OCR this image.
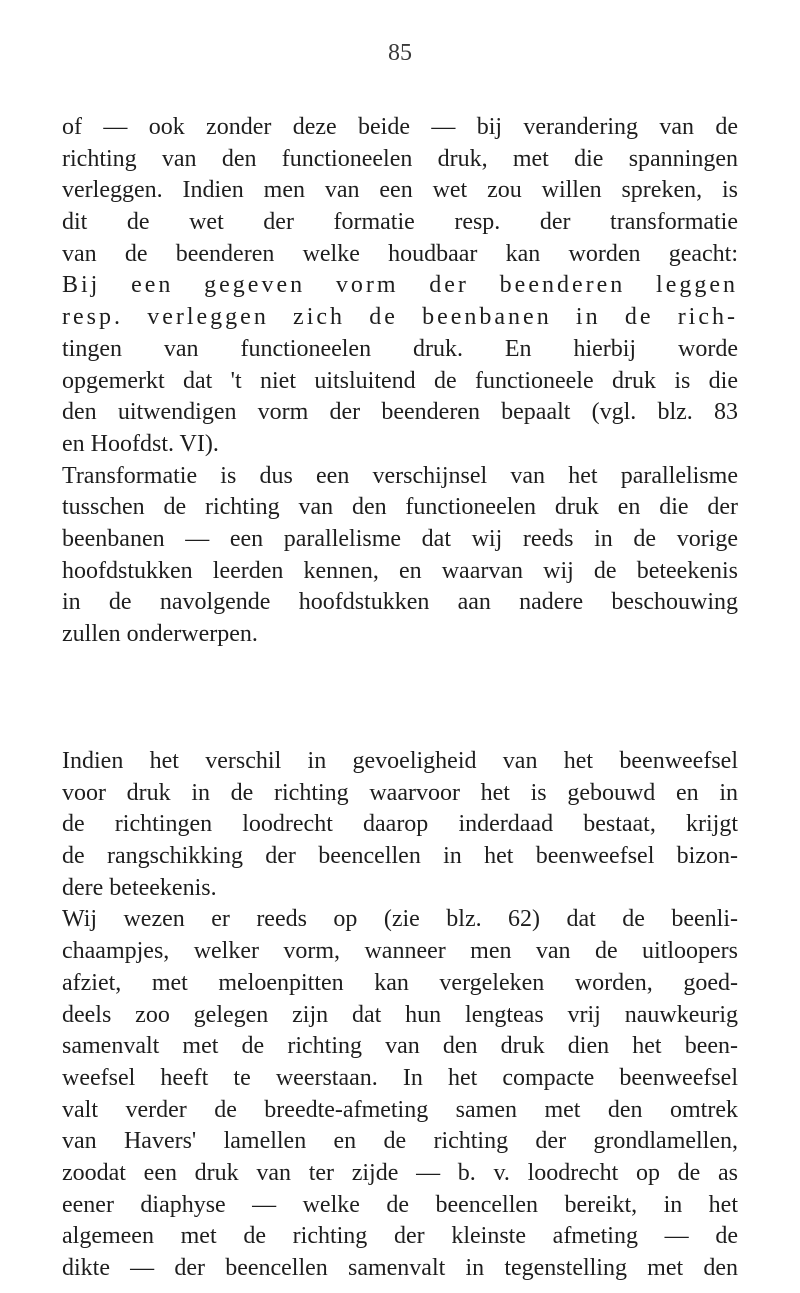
85
of — ook zonder deze beide — bij verandering van de
richting van den functioneelen druk, met die spanningen
verleggen. Indien men van een wet zou willen spreken, is
dit de wet der formatie resp. der transformatie
van de beenderen welke houdbaar kan worden geacht:
Bij een gegeven vorm der beenderen leggen
resp. verleggen zich de beenbanen in de rich-
tingen van functioneelen druk. En hierbij worde
opgemerkt dat 't niet uitsluitend de functioneele druk is die
den uitwendigen vorm der beenderen bepaalt (vgl. blz. 83
en Hoofdst. VI).
Transformatie is dus een verschijnsel van het parallelisme
tusschen de richting van den functioneelen druk en die der
beenbanen — een parallelisme dat wij reeds in de vorige
hoofdstukken leerden kennen, en waarvan wij de beteekenis
in de navolgende hoofdstukken aan nadere beschouwing
zullen onderwerpen.
Indien het verschil in gevoeligheid van het beenweefsel
voor druk in de richting waarvoor het is gebouwd en in
de richtingen loodrecht daarop inderdaad bestaat, krijgt
de rangschikking der beencellen in het beenweefsel bizon-
dere beteekenis.
Wij wezen er reeds op (zie blz. 62) dat de beenli-
chaampjes, welker vorm, wanneer men van de uitloopers
afziet, met meloenpitten kan vergeleken worden, goed-
deels zoo gelegen zijn dat hun lengteas vrij nauwkeurig
samenvalt met de richting van den druk dien het been-
weefsel heeft te weerstaan. In het compacte beenweefsel
valt verder de breedte-afmeting samen met den omtrek
van Havers' lamellen en de richting der grondlamellen,
zoodat een druk van ter zijde — b. v. loodrecht op de as
eener diaphyse — welke de beencellen bereikt, in het
algemeen met de richting der kleinste afmeting — de
dikte — der beencellen samenvalt in tegenstelling met den
